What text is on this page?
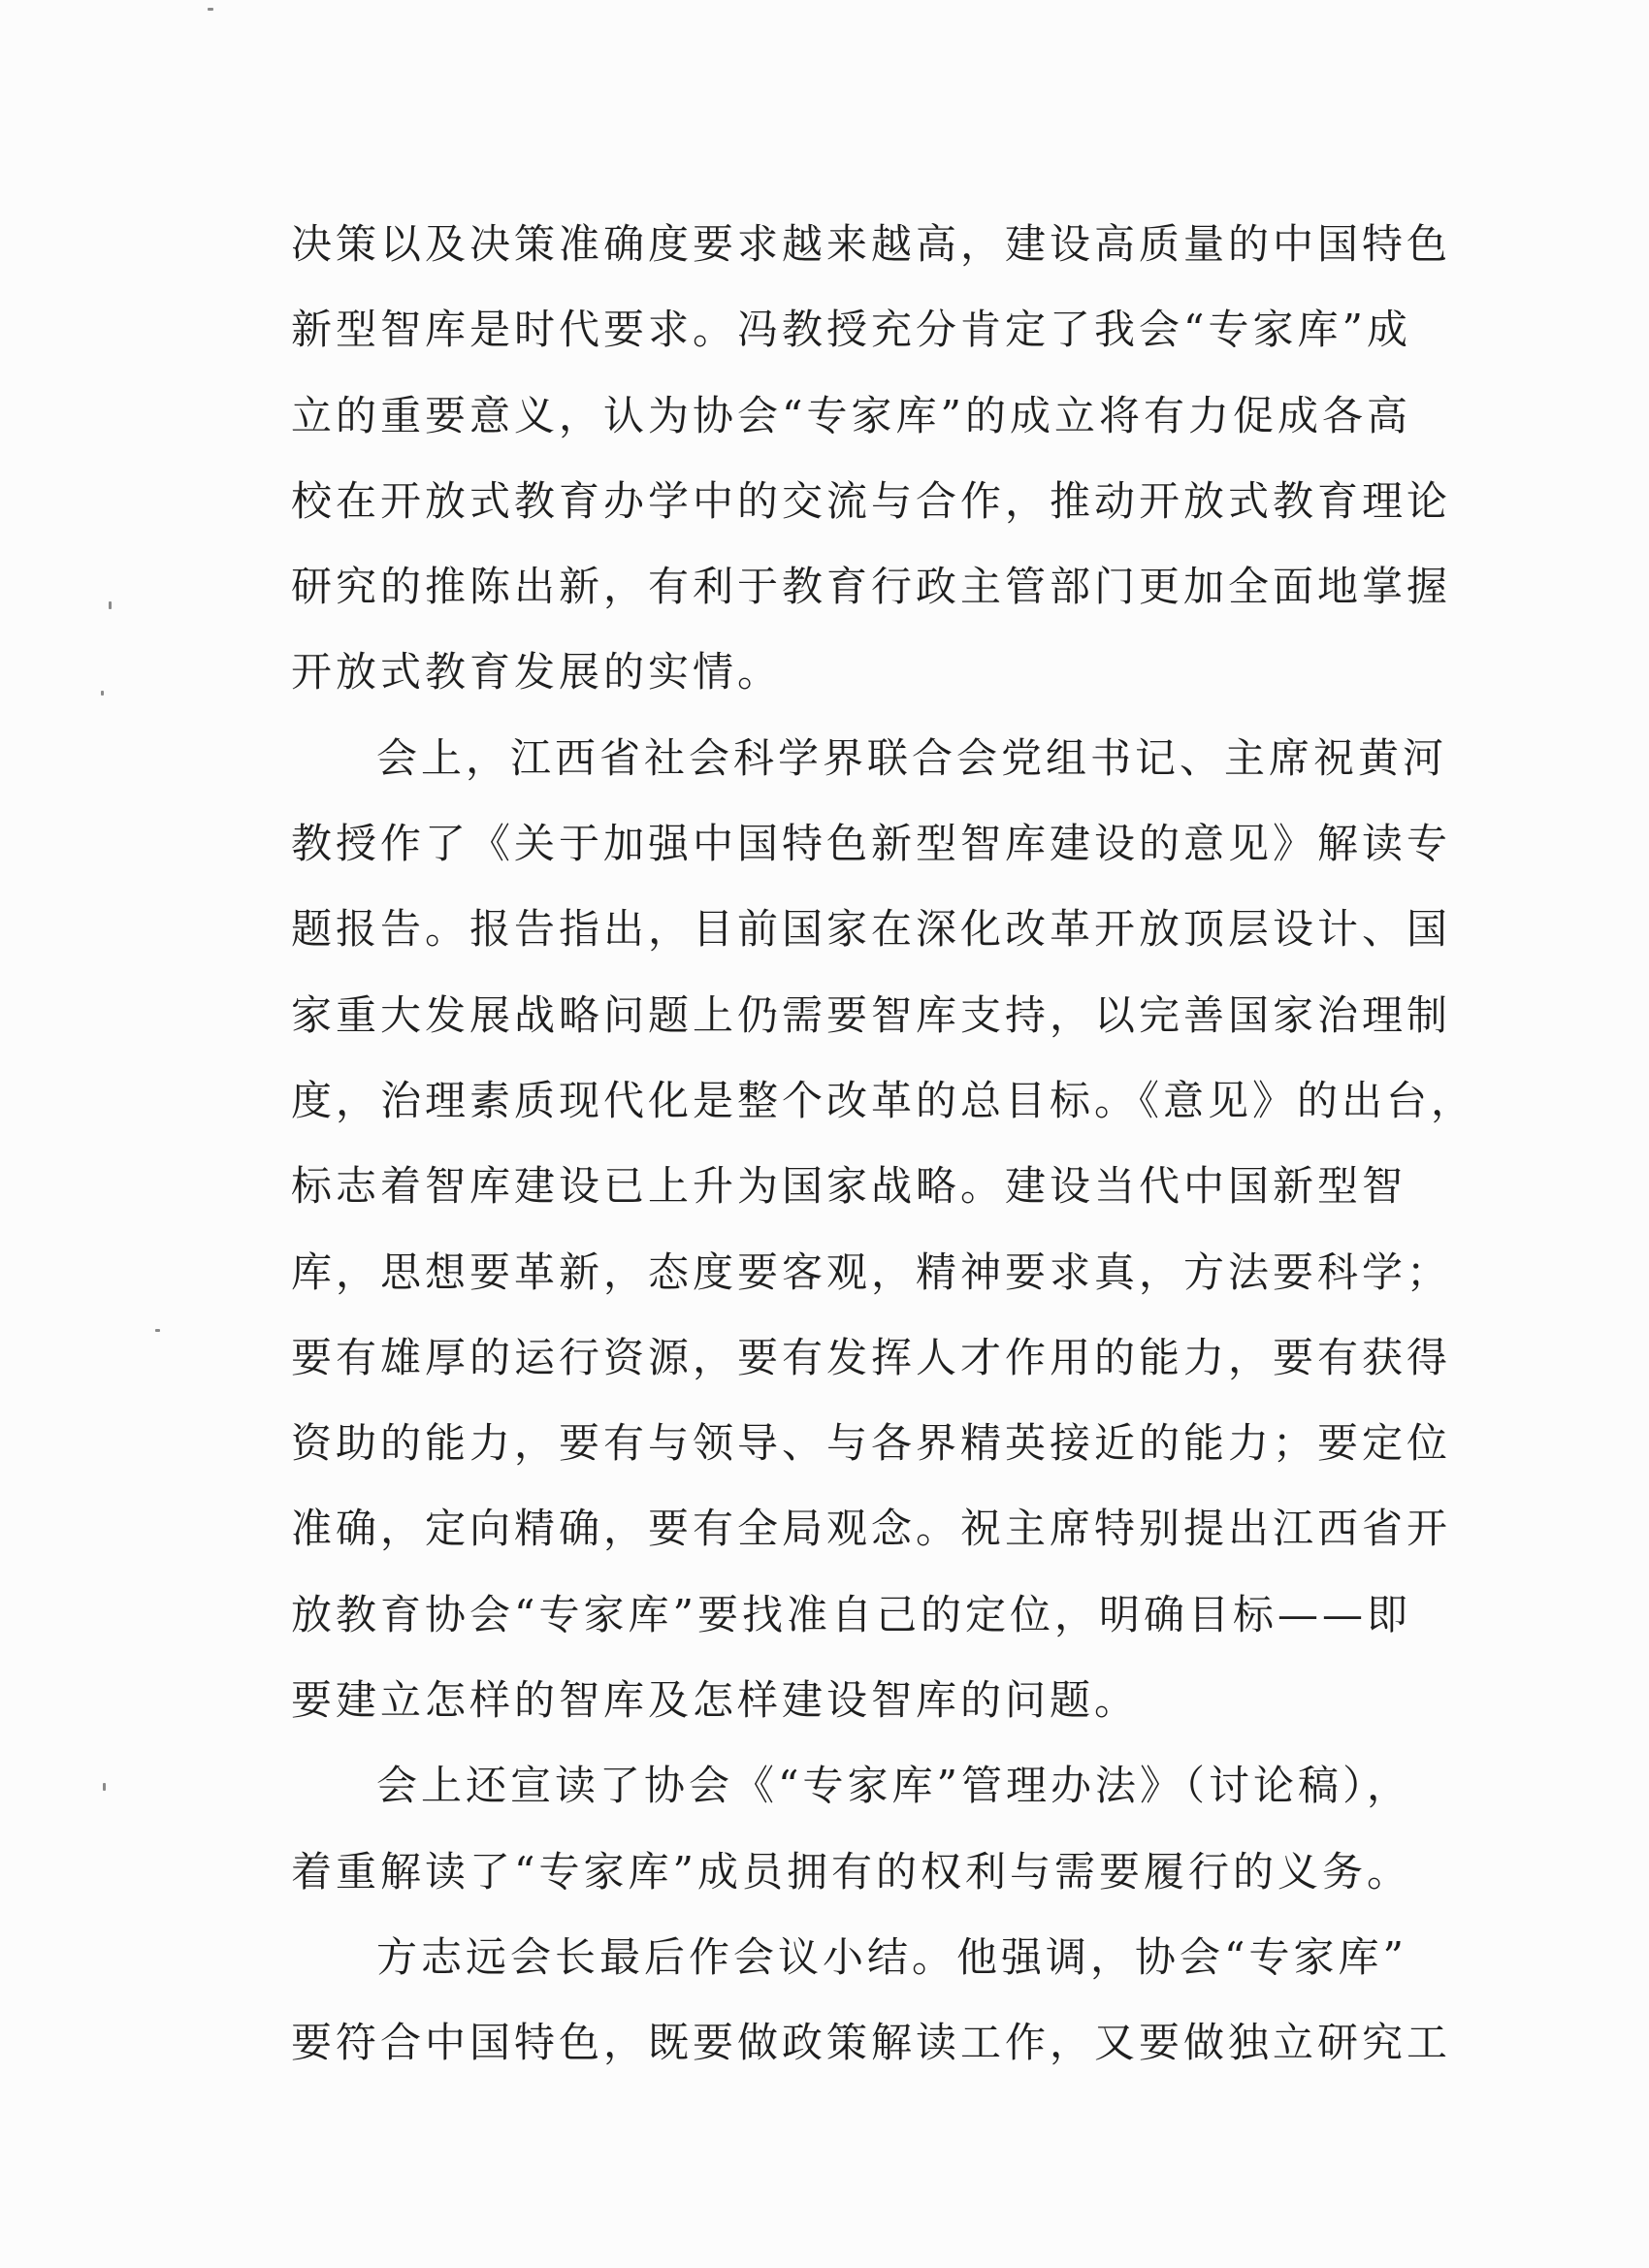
决策以及决策准确度要求越来越高，建设高质量的中国特色
新型智库是时代要求。冯教授充分肯定了我会“专家库”成
立的重要意义，认为协会“专家库”的成立将有力促成各高
校在开放式教育办学中的交流与合作，推动开放式教育理论
研究的推陈出新，有利于教育行政主管部门更加全面地掌握
开放式教育发展的实情。
会上，江西省社会科学界联合会党组书记、主席祝黄河
教授作了《关于加强中国特色新型智库建设的意见》解读专
题报告。报告指出，目前国家在深化改革开放顶层设计、国
家重大发展战略问题上仍需要智库支持，以完善国家治理制
度，治理素质现代化是整个改革的总目标。《意见》的出台，
标志着智库建设已上升为国家战略。建设当代中国新型智
库，思想要革新，态度要客观，精神要求真，方法要科学；
要有雄厚的运行资源，要有发挥人才作用的能力，要有获得
资助的能力，要有与领导、与各界精英接近的能力；要定位
准确，定向精确，要有全局观念。祝主席特别提出江西省开
放教育协会“专家库”要找准自己的定位，明确目标——即
要建立怎样的智库及怎样建设智库的问题。
会上还宣读了协会《“专家库”管理办法》（讨论稿），
着重解读了“专家库”成员拥有的权利与需要履行的义务。
方志远会长最后作会议小结。他强调，协会“专家库”
要符合中国特色，既要做政策解读工作，又要做独立研究工
